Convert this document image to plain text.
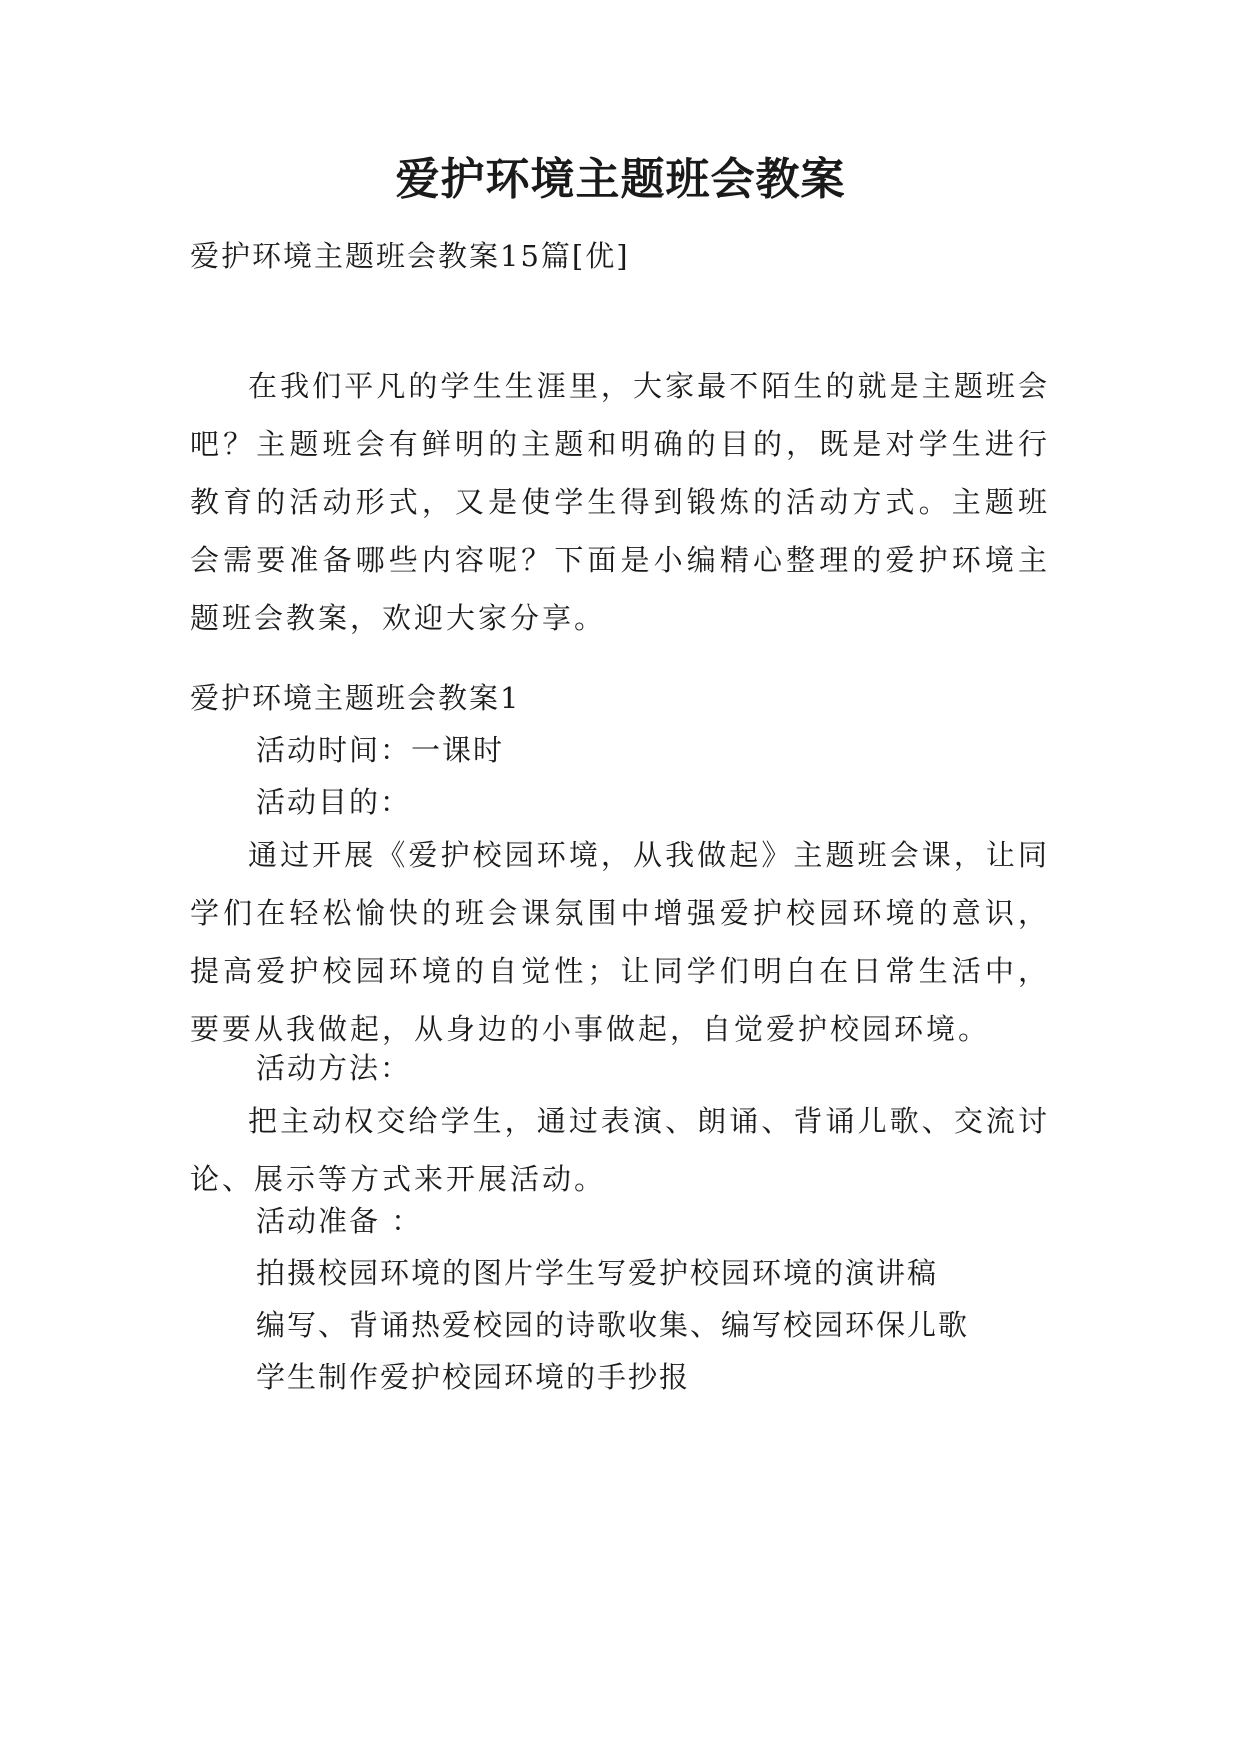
爱护环境主题班会教案

爱护环境主题班会教案15篇[优]

在我们平凡的学生生涯里，大家最不陌生的就是主题班会吧？主题班会有鲜明的主题和明确的目的，既是对学生进行教育的活动形式，又是使学生得到锻炼的活动方式。主题班会需要准备哪些内容呢？下面是小编精心整理的爱护环境主题班会教案，欢迎大家分享。

爱护环境主题班会教案1

活动时间：一课时

活动目的：

通过开展《爱护校园环境，从我做起》主题班会课，让同学们在轻松愉快的班会课氛围中增强爱护校园环境的意识，提高爱护校园环境的自觉性；让同学们明白在日常生活中，要要从我做起，从身边的小事做起，自觉爱护校园环境。

活动方法：

把主动权交给学生，通过表演、朗诵、背诵儿歌、交流讨论、展示等方式来开展活动。

活动准备 ：

拍摄校园环境的图片学生写爱护校园环境的演讲稿

编写、背诵热爱校园的诗歌收集、编写校园环保儿歌

学生制作爱护校园环境的手抄报
